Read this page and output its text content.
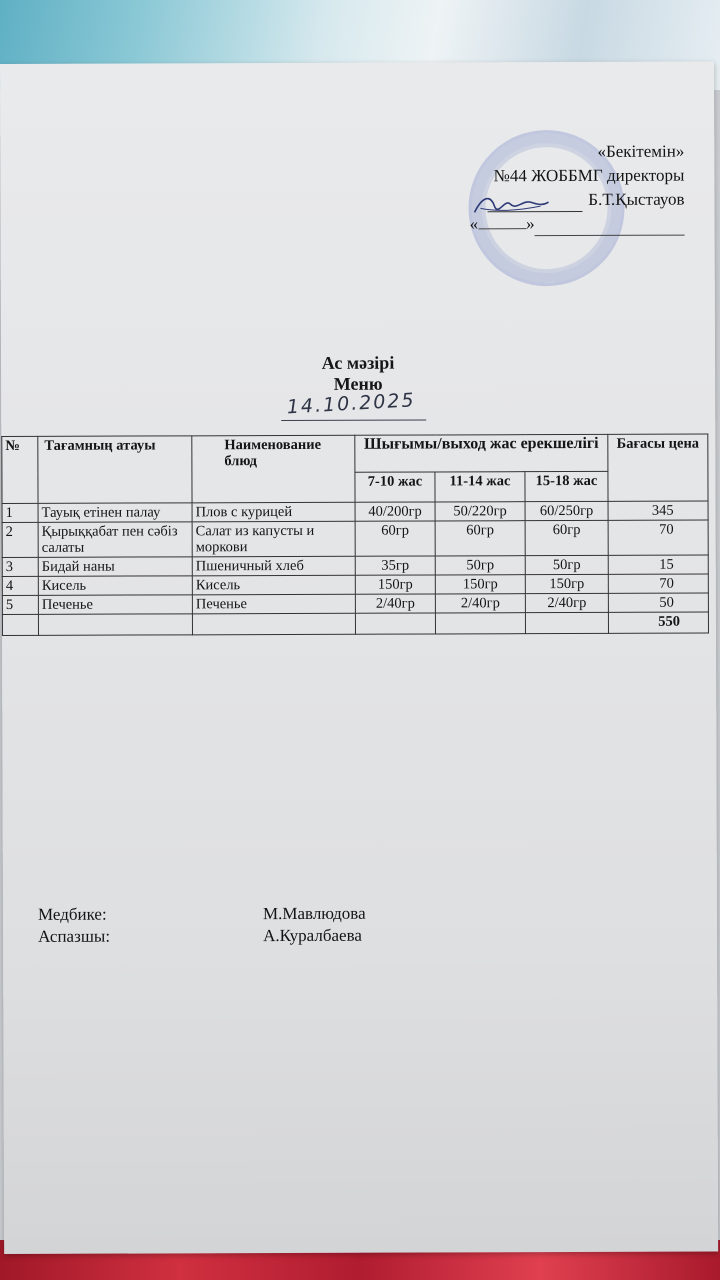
«Бекітемін»
№44 ЖОББМГ директоры
Б.Т.Қыстауов
«	»
Ас мәзірі
Меню
14.10.2025
№	Тағамның атауы	Наименование блюд	Шығымы/выход жас ерекшелігі			Бағасы цена
			7-10 жас	11-14 жас	15-18 жас	
1	Тауық етінен палау	Плов с курицей	40/200гр	50/220гр	60/250гр	345
2	Қырыққабат пен сәбіз салаты	Салат из капусты и моркови	60гр	60гр	60гр	70
3	Бидай наны	Пшеничный хлеб	35гр	50гр	50гр	15
4	Кисель	Кисель	150гр	150гр	150гр	70
5	Печенье	Печенье	2/40гр	2/40гр	2/40гр	50
						550
Медбике:	М.Мавлюдова
Аспазшы:	А.Куралбаева
